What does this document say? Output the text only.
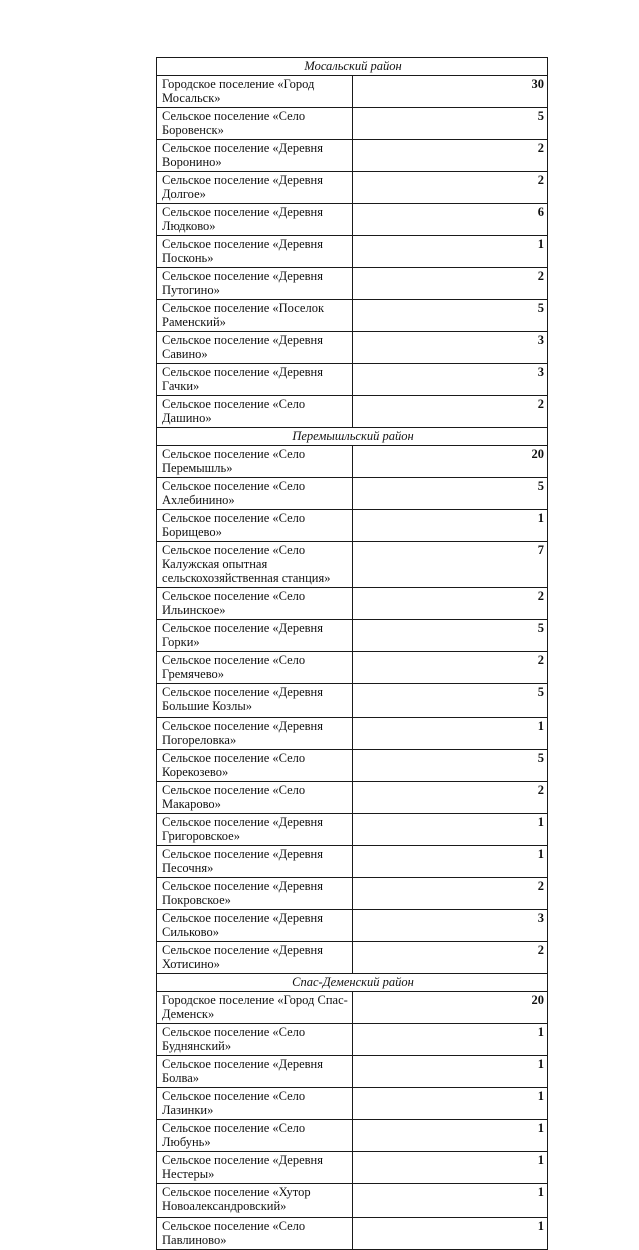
Мосальский район	
Городское поселение «Город Мосальск»	30
Сельское поселение «Село Боровенск»	5
Сельское поселение «Деревня Воронино»	2
Сельское поселение «Деревня Долгое»	2
Сельское поселение «Деревня Людково»	6
Сельское поселение «Деревня Посконь»	1
Сельское поселение «Деревня Путогино»	2
Сельское поселение «Поселок Раменский»	5
Сельское поселение «Деревня Савино»	3
Сельское поселение «Деревня Гачки»	3
Сельское поселение «Село Дашино»	2
Перемышльский район	
Сельское поселение «Село Перемышль»	20
Сельское поселение «Село Ахлебинино»	5
Сельское поселение «Село Борищево»	1
Сельское поселение «Село Калужская опытная сельскохозяйственная станция»	7
Сельское поселение «Село Ильинское»	2
Сельское поселение «Деревня Горки»	5
Сельское поселение «Село Гремячево»	2
Сельское поселение «Деревня Большие Козлы»	5
Сельское поселение «Деревня Погореловка»	1
Сельское поселение «Село Корекозево»	5
Сельское поселение «Село Макарово»	2
Сельское поселение «Деревня Григоровское»	1
Сельское поселение «Деревня Песочня»	1
Сельское поселение «Деревня Покровское»	2
Сельское поселение «Деревня Сильково»	3
Сельское поселение «Деревня Хотисино»	2
Спас-Деменский район	
Городское поселение «Город Спас-Деменск»	20
Сельское поселение «Село Буднянский»	1
Сельское поселение «Деревня Болва»	1
Сельское поселение «Село Лазинки»	1
Сельское поселение «Село Любунь»	1
Сельское поселение «Деревня Нестеры»	1
Сельское поселение «Хутор Новоалександровский»	1
Сельское поселение «Село Павлиново»	1
